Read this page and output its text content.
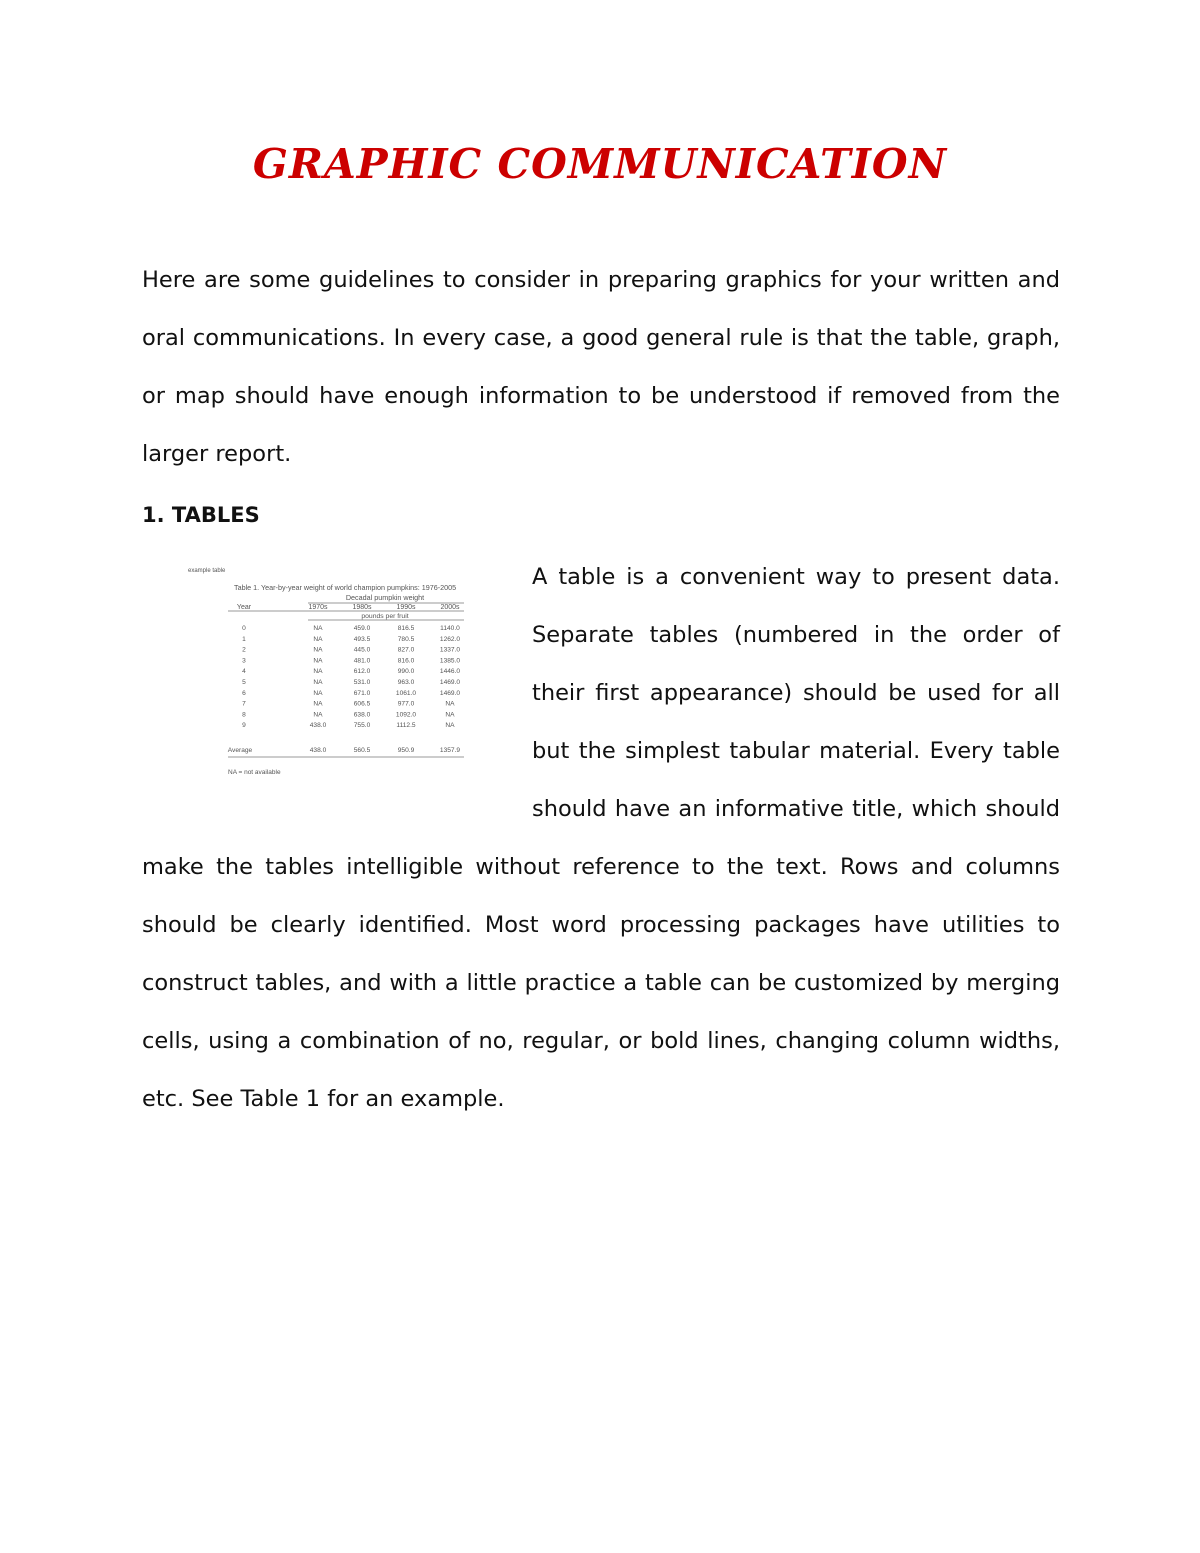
GRAPHIC COMMUNICATION
Here are some guidelines to consider in preparing graphics for your written and oral communications. In every case, a good general rule is that the table, graph, or map should have enough information to be understood if removed from the larger report.
1. TABLES
example table
Table 1. Year-by-year weight of world champion pumpkins: 1976-2005
Decadal pumpkin weight
pounds per fruit
Year	1970s	1980s	1990s	2000s
0	NA	459.0	816.5	1140.0
1	NA	493.5	780.5	1262.0
2	NA	445.0	827.0	1337.0
3	NA	481.0	816.0	1385.0
4	NA	612.0	990.0	1446.0
5	NA	531.0	963.0	1469.0
6	NA	671.0	1061.0	1469.0
7	NA	606.5	977.0	NA
8	NA	638.0	1092.0	NA
9	438.0	755.0	1112.5	NA
Average	438.0	560.5	950.9	1357.9
NA = not available
A table is a convenient way to present data. Separate tables (numbered in the order of their first appearance) should be used for all but the simplest tabular material. Every table should have an informative title, which should make the tables intelligible without reference to the text. Rows and columns should be clearly identified. Most word processing packages have utilities to construct tables, and with a little practice a table can be customized by merging cells, using a combination of no, regular, or bold lines, changing column widths, etc. See Table 1 for an example.
